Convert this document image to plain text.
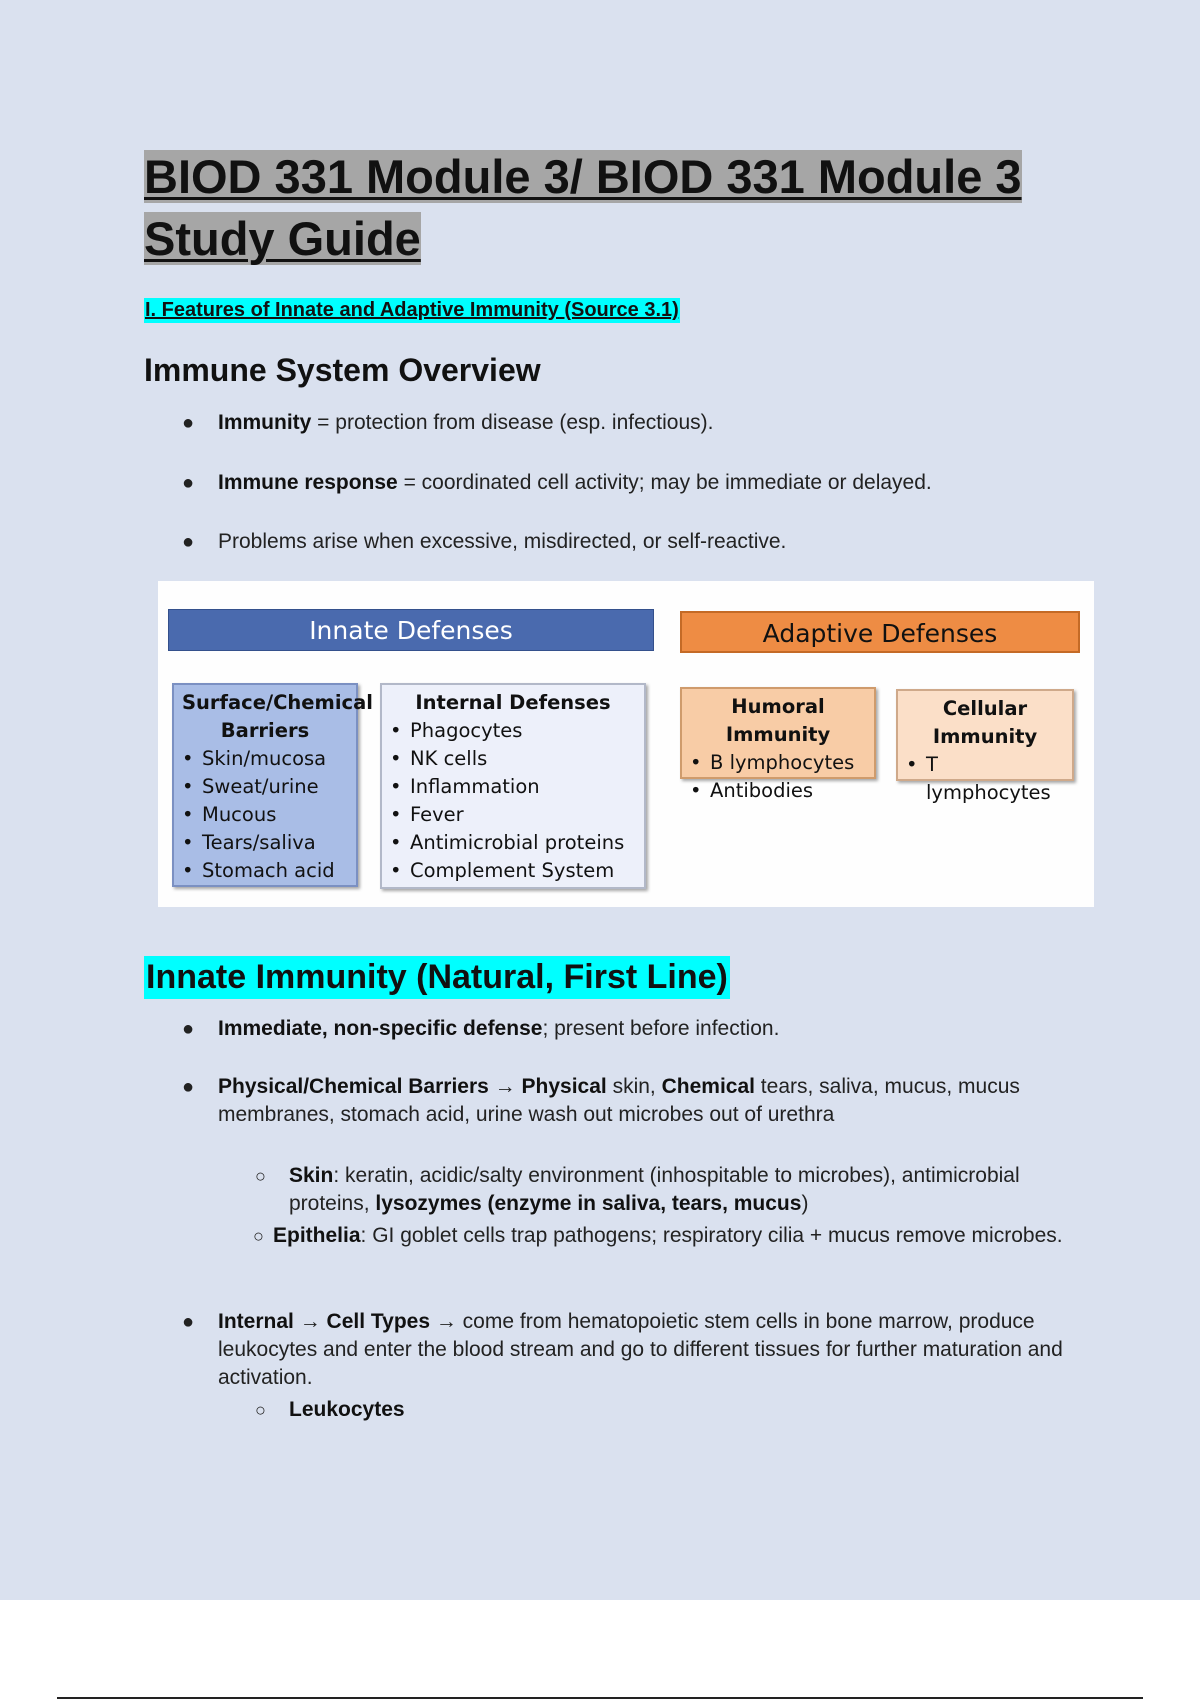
BIOD 331 Module 3/ BIOD 331 Module 3 Study Guide

I. Features of Innate and Adaptive Immunity (Source 3.1)

Immune System Overview
● Immunity = protection from disease (esp. infectious).
● Immune response = coordinated cell activity; may be immediate or delayed.
● Problems arise when excessive, misdirected, or self-reactive.
Innate Defenses	Adaptive Defenses
Surface/Chemical Barriers
• Skin/mucosa
• Sweat/urine
• Mucous
• Tears/saliva
• Stomach acid
Internal Defenses
• Phagocytes
• NK cells
• Inflammation
• Fever
• Antimicrobial proteins
• Complement System
Humoral Immunity
• B lymphocytes
• Antibodies
Cellular Immunity
• T lymphocytes
Innate Immunity (Natural, First Line)
● Immediate, non-specific defense; present before infection.
● Physical/Chemical Barriers → Physical skin, Chemical tears, saliva, mucus, mucus membranes, stomach acid, urine wash out microbes out of urethra
● Internal → Cell Types → come from hematopoietic stem cells in bone marrow, produce leukocytes and enter the blood stream and go to different tissues for further maturation and activation.
○ Skin: keratin, acidic/salty environment (inhospitable to microbes), antimicrobial proteins, lysozymes (enzyme in saliva, tears, mucus)
○ Epithelia: GI goblet cells trap pathogens; respiratory cilia + mucus remove microbes.
○ Leukocytes
